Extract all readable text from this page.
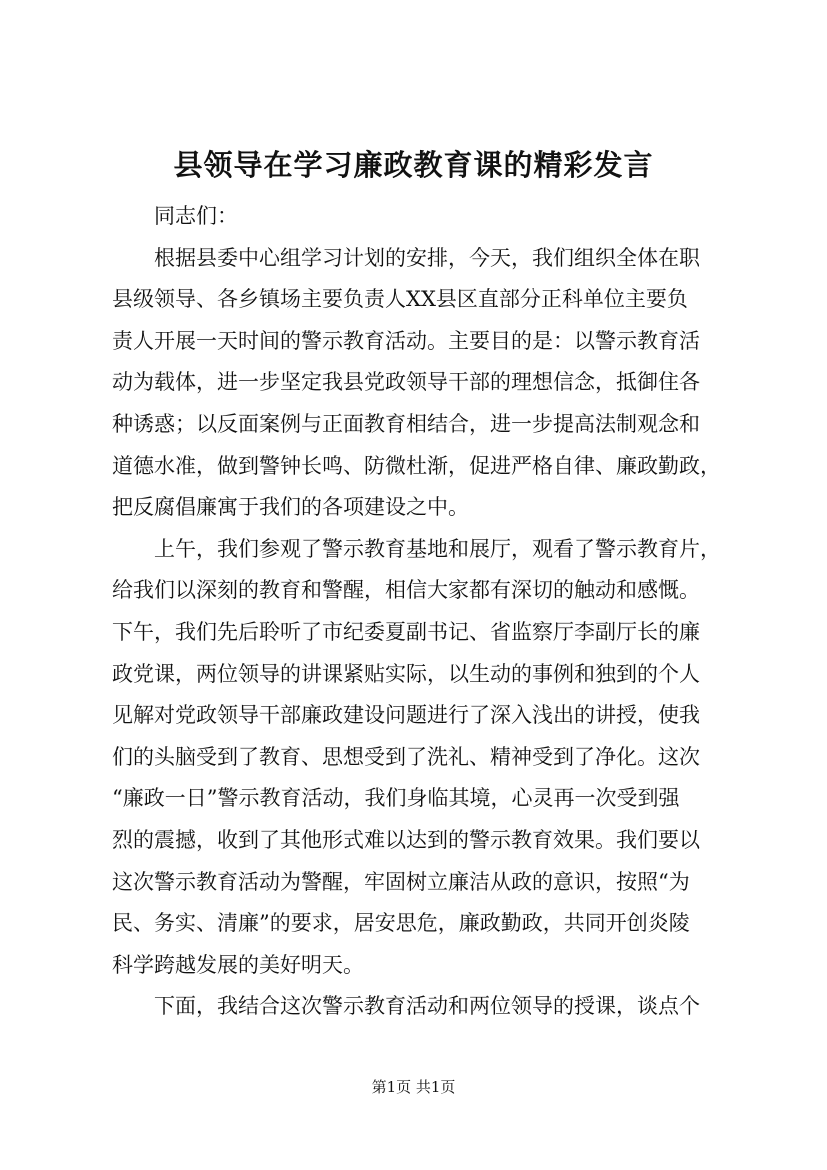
县领导在学习廉政教育课的精彩发言
同志们：
根据县委中心组学习计划的安排，今天，我们组织全体在职
县级领导、各乡镇场主要负责人XX县区直部分正科单位主要负
责人开展一天时间的警示教育活动。主要目的是：以警示教育活
动为载体，进一步坚定我县党政领导干部的理想信念，抵御住各
种诱惑；以反面案例与正面教育相结合，进一步提高法制观念和
道德水准，做到警钟长鸣、防微杜渐，促进严格自律、廉政勤政，
把反腐倡廉寓于我们的各项建设之中。
上午，我们参观了警示教育基地和展厅，观看了警示教育片，
给我们以深刻的教育和警醒，相信大家都有深切的触动和感慨。
下午，我们先后聆听了市纪委夏副书记、省监察厅李副厅长的廉
政党课，两位领导的讲课紧贴实际，以生动的事例和独到的个人
见解对党政领导干部廉政建设问题进行了深入浅出的讲授，使我
们的头脑受到了教育、思想受到了洗礼、精神受到了净化。这次
“廉政一日”警示教育活动，我们身临其境，心灵再一次受到强
烈的震撼，收到了其他形式难以达到的警示教育效果。我们要以
这次警示教育活动为警醒，牢固树立廉洁从政的意识，按照“为
民、务实、清廉”的要求，居安思危，廉政勤政，共同开创炎陵
科学跨越发展的美好明天。
下面，我结合这次警示教育活动和两位领导的授课，谈点个
第1页 共1页
